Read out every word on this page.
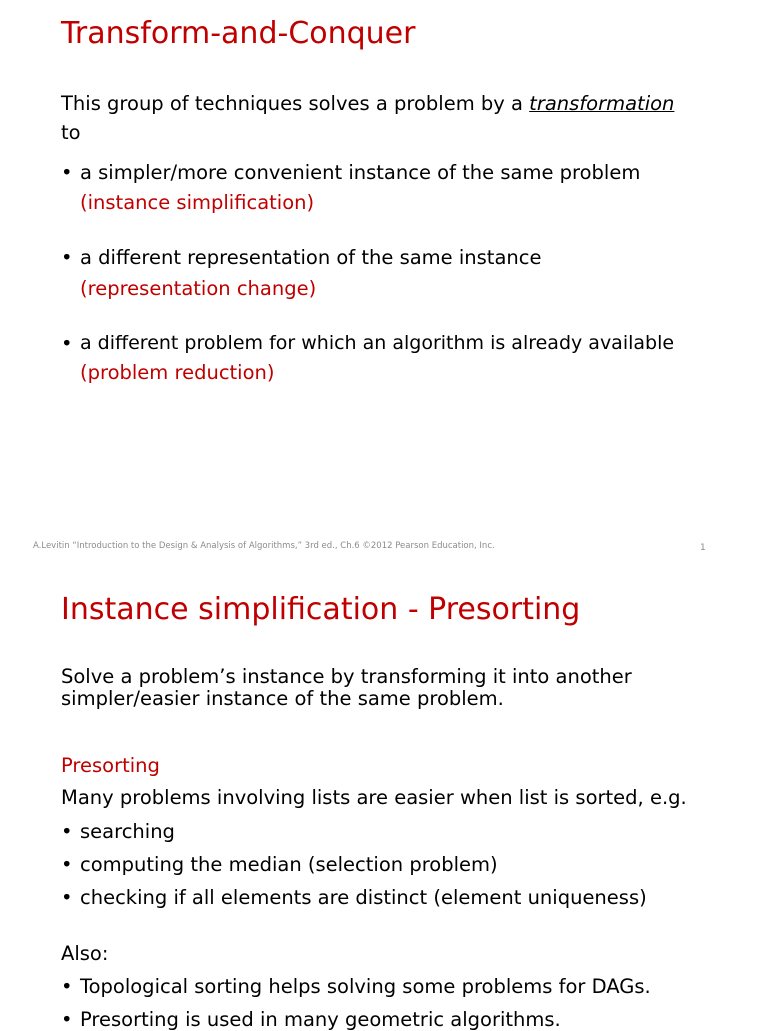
Transform-and-Conquer
This group of techniques solves a problem by a transformation
to
• a simpler/more convenient instance of the same problem
(instance simplification)
• a different representation of the same instance
(representation change)
• a different problem for which an algorithm is already available
(problem reduction)
A.Levitin “Introduction to the Design & Analysis of Algorithms,” 3rd ed., Ch.6 ©2012 Pearson Education, Inc.	1
Instance simplification - Presorting
Solve a problem’s instance by transforming it into another
simpler/easier instance of the same problem.
Presorting
Many problems involving lists are easier when list is sorted, e.g.
• searching
• computing the median (selection problem)
• checking if all elements are distinct (element uniqueness)
Also:
• Topological sorting helps solving some problems for DAGs.
• Presorting is used in many geometric algorithms.
